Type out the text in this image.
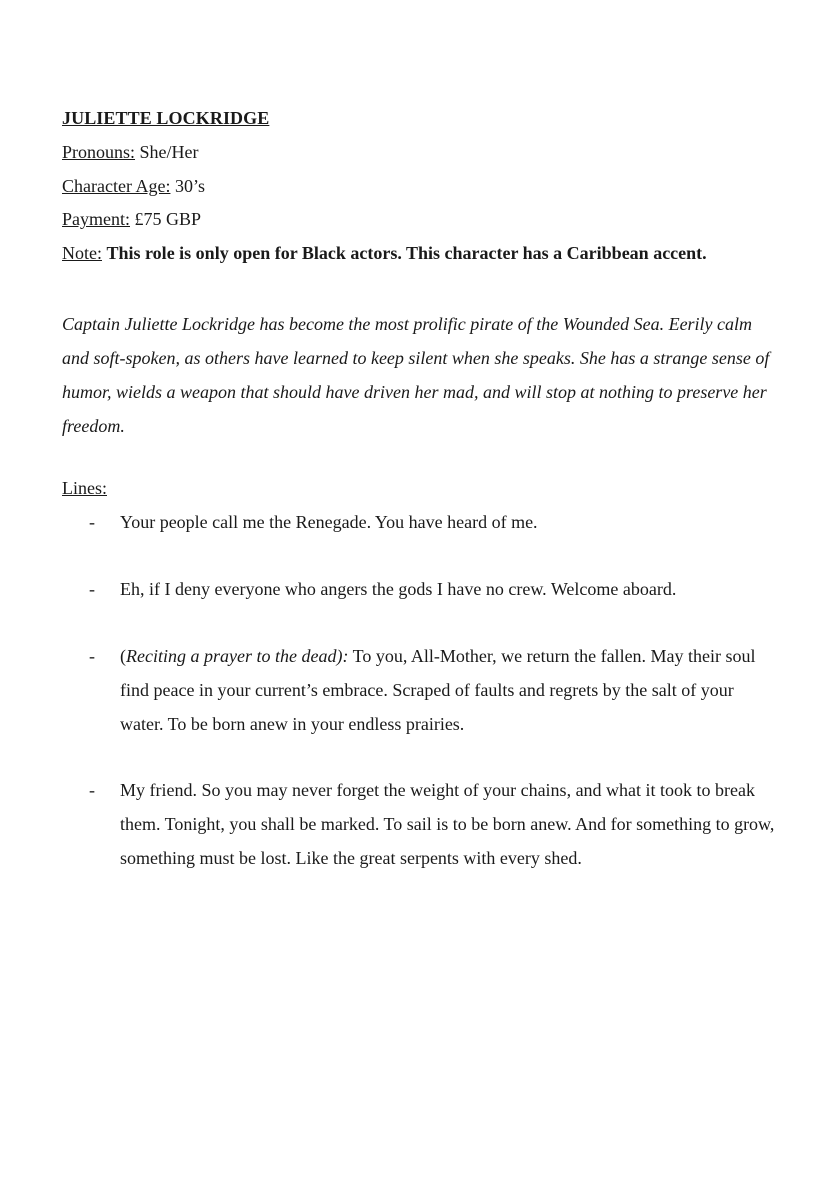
JULIETTE LOCKRIDGE
Pronouns: She/Her
Character Age: 30’s
Payment: £75 GBP
Note: This role is only open for Black actors. This character has a Caribbean accent.
Captain Juliette Lockridge has become the most prolific pirate of the Wounded Sea. Eerily calm and soft-spoken, as others have learned to keep silent when she speaks. She has a strange sense of humor, wields a weapon that should have driven her mad, and will stop at nothing to preserve her freedom.
Lines:
- Your people call me the Renegade. You have heard of me.
- Eh, if I deny everyone who angers the gods I have no crew. Welcome aboard.
- (Reciting a prayer to the dead): To you, All-Mother, we return the fallen. May their soul find peace in your current’s embrace. Scraped of faults and regrets by the salt of your water. To be born anew in your endless prairies.
- My friend. So you may never forget the weight of your chains, and what it took to break them. Tonight, you shall be marked. To sail is to be born anew. And for something to grow, something must be lost. Like the great serpents with every shed.
